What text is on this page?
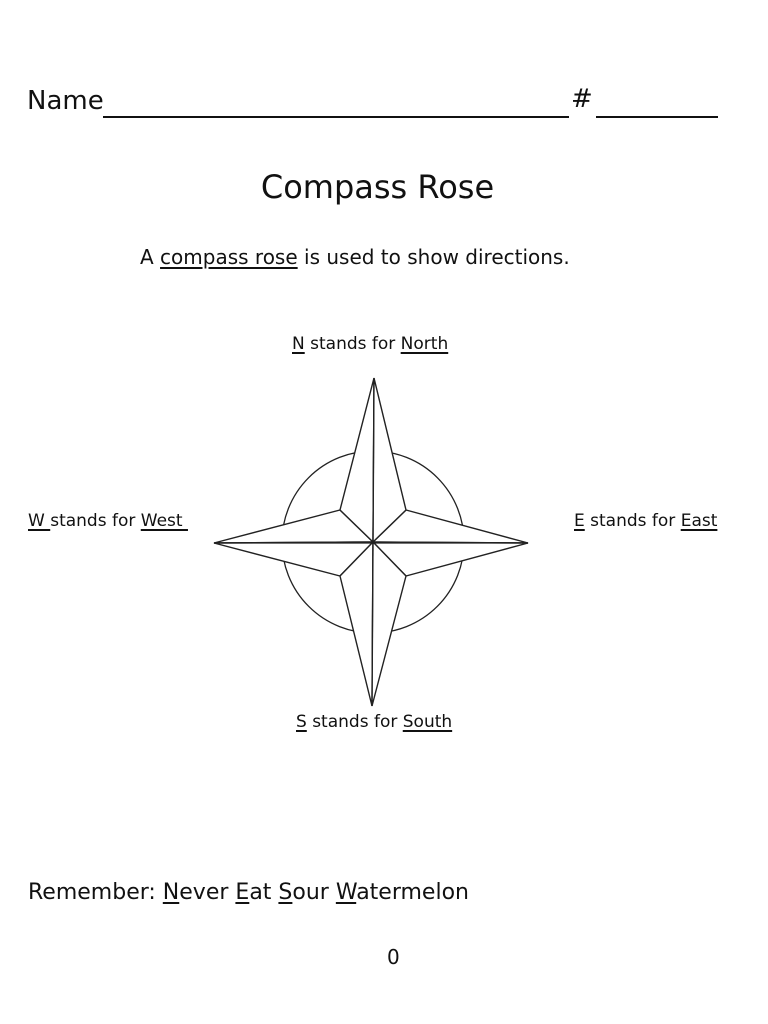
Name	#
Compass Rose
A compass rose is used to show directions.
N stands for North
W stands for West	E stands for East
S stands for South
Remember: Never Eat Sour Watermelon
0
